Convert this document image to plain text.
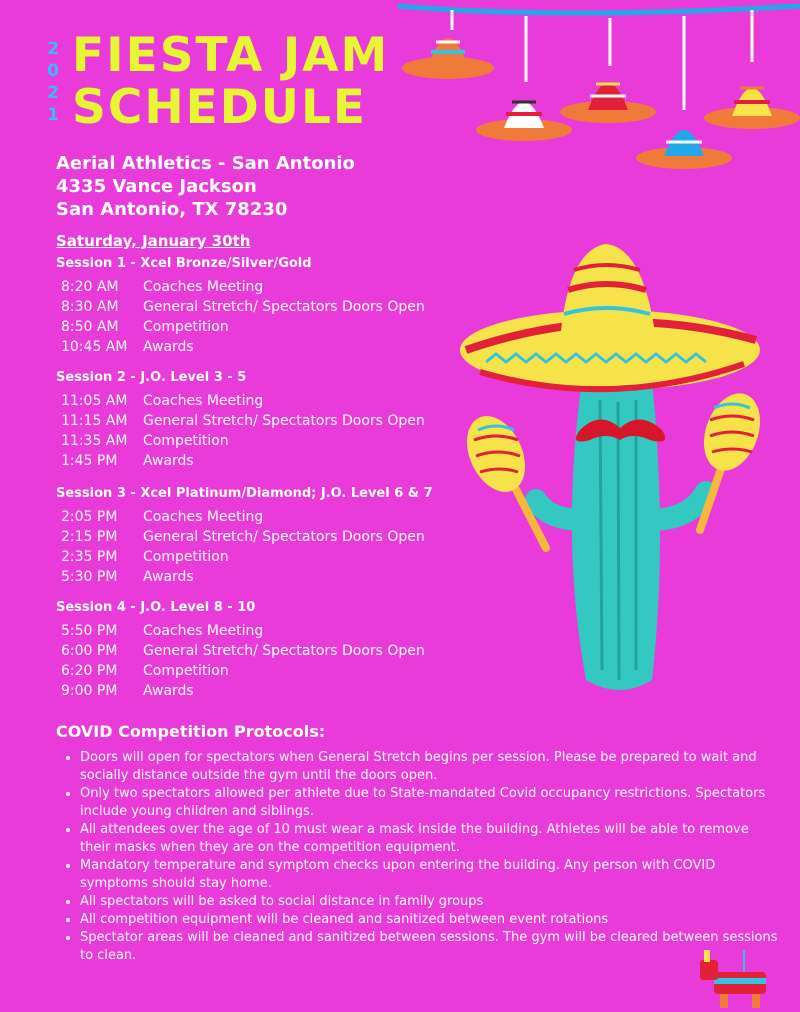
2
0
2
1
FIESTA JAM
SCHEDULE
Aerial Athletics - San Antonio
4335 Vance Jackson
San Antonio, TX 78230
Saturday, January 30th
Session 1 - Xcel Bronze/Silver/Gold
8:20 AM Coaches Meeting
8:30 AM General Stretch/ Spectators Doors Open
8:50 AM Competition
10:45 AM Awards
Session 2 - J.O. Level 3 - 5
11:05 AM Coaches Meeting
11:15 AM General Stretch/ Spectators Doors Open
11:35 AM Competition
1:45 PM Awards
Session 3 - Xcel Platinum/Diamond; J.O. Level 6 & 7
2:05 PM Coaches Meeting
2:15 PM General Stretch/ Spectators Doors Open
2:35 PM Competition
5:30 PM Awards
Session 4 - J.O. Level 8 - 10
5:50 PM Coaches Meeting
6:00 PM General Stretch/ Spectators Doors Open
6:20 PM Competition
9:00 PM Awards
COVID Competition Protocols:
• Doors will open for spectators when General Stretch begins per session. Please be prepared to wait and socially distance outside the gym until the doors open.
• Only two spectators allowed per athlete due to State-mandated Covid occupancy restrictions. Spectators include young children and siblings.
• All attendees over the age of 10 must wear a mask inside the building. Athletes will be able to remove their masks when they are on the competition equipment.
• Mandatory temperature and symptom checks upon entering the building. Any person with COVID symptoms should stay home.
• All spectators will be asked to social distance in family groups
• All competition equipment will be cleaned and sanitized between event rotations
• Spectator areas will be cleaned and sanitized between sessions. The gym will be cleared between sessions to clean.
